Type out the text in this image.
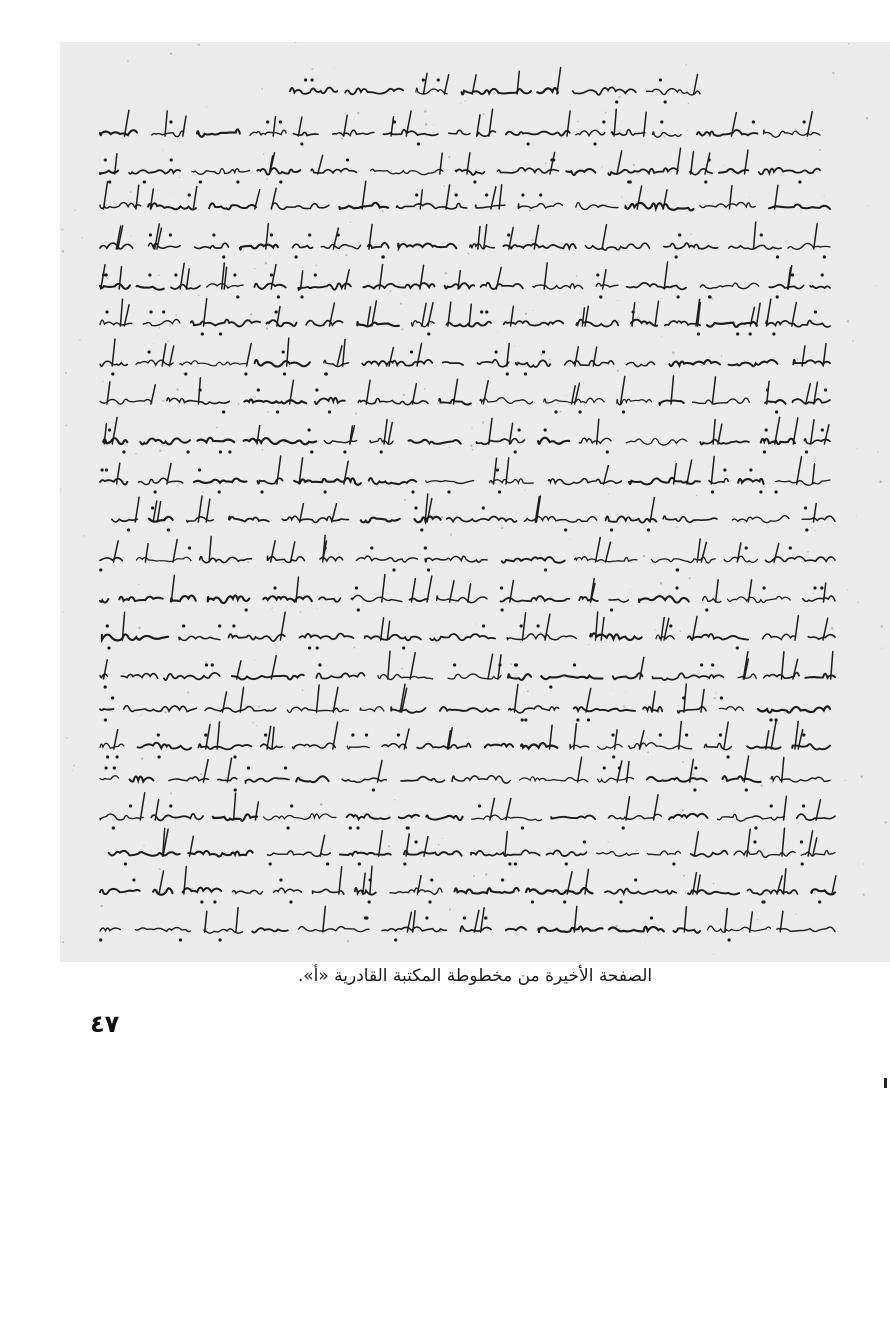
الصفحة الأخيرة من مخطوطة المكتبة القادرية «أ».
٤٧
